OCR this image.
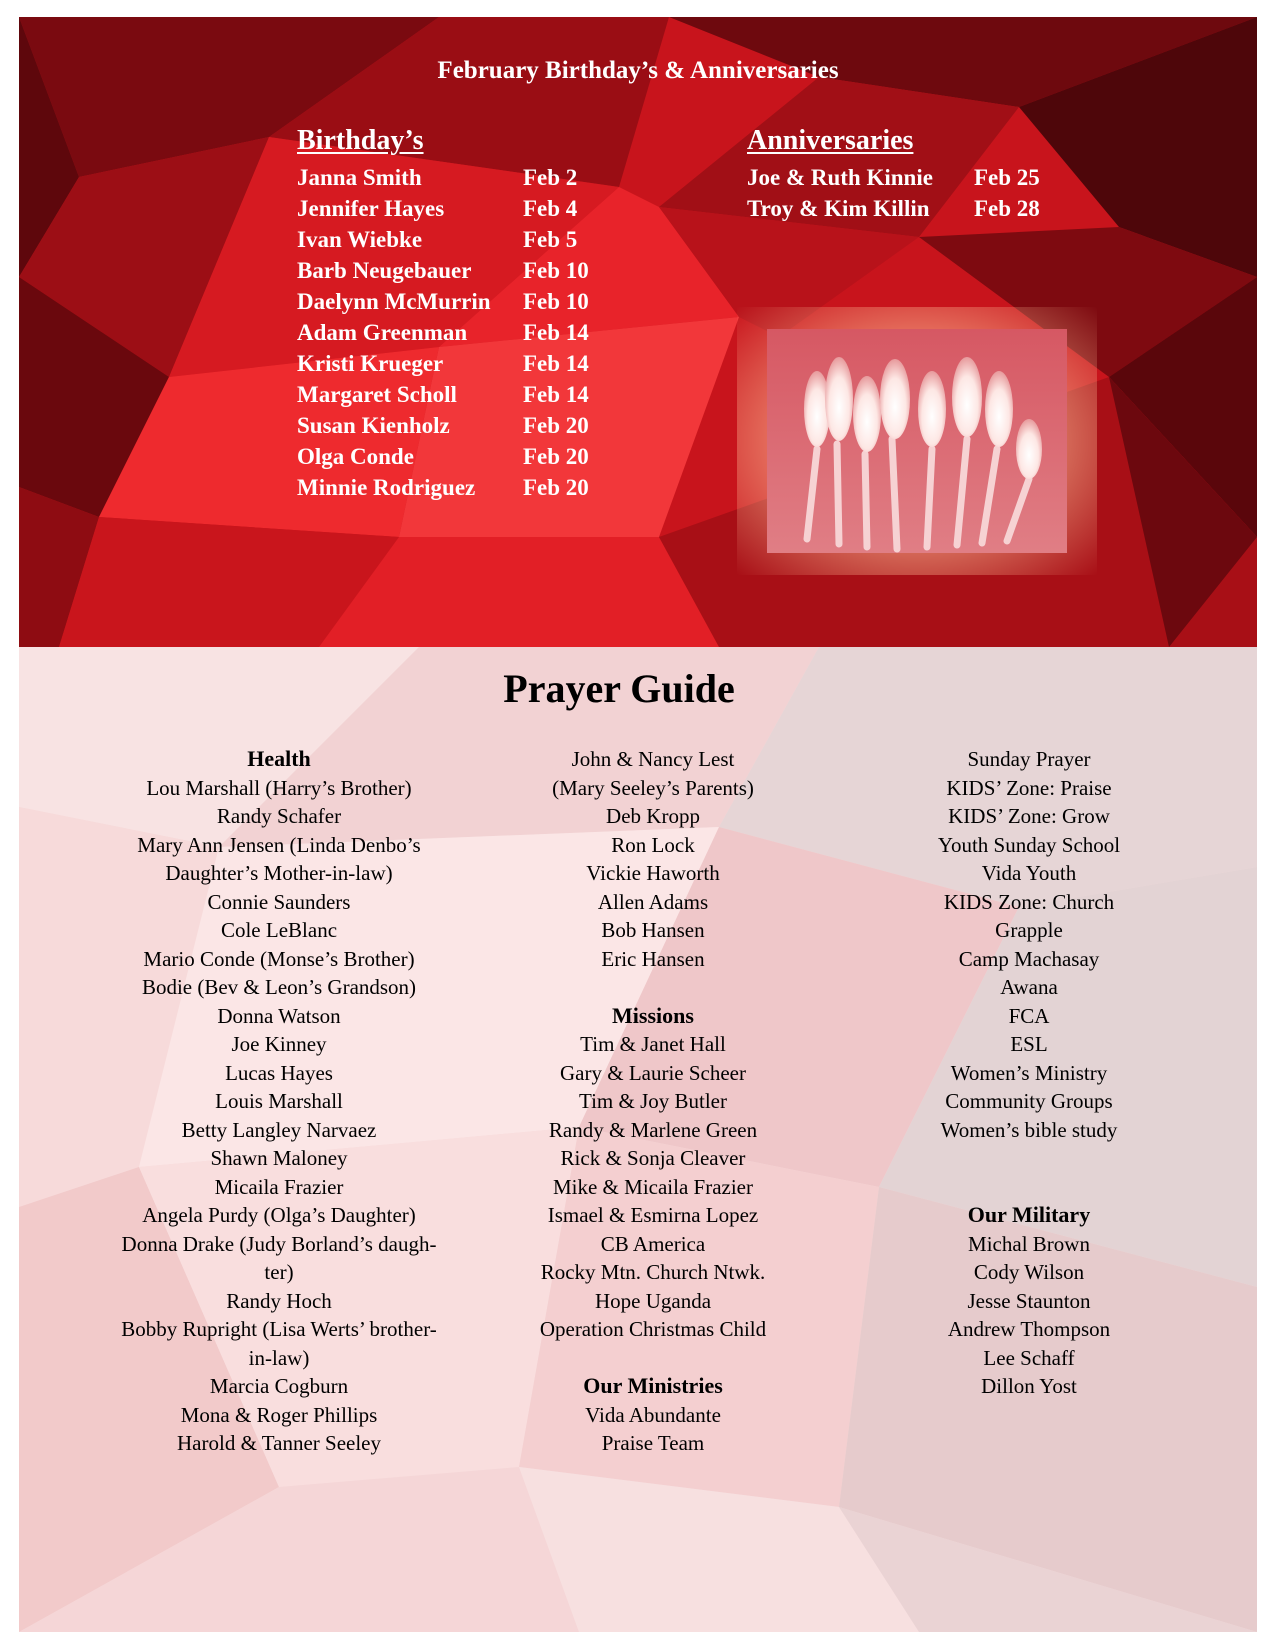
February Birthday’s & Anniversaries
Birthday’s	Anniversaries
Janna Smith	Feb 2
Jennifer Hayes	Feb 4
Ivan Wiebke	Feb 5
Barb Neugebauer Feb 10
Daelynn McMurrin Feb 10
Adam Greenman Feb 14
Kristi Krueger	Feb 14
Margaret Scholl	Feb 14
Susan Kienholz	Feb 20
Olga Conde	Feb 20
Minnie Rodriguez Feb 20
Joe & Ruth Kinnie Feb 25
Troy & Kim Killin Feb 28
Prayer Guide
Health
Lou Marshall (Harry’s Brother)
Randy Schafer
Mary Ann Jensen (Linda Denbo’s
Daughter’s Mother-in-law)
Connie Saunders
Cole LeBlanc
Mario Conde (Monse’s Brother)
Bodie (Bev & Leon’s Grandson)
Donna Watson
Joe Kinney
Lucas Hayes
Louis Marshall
Betty Langley Narvaez
Shawn Maloney
Micaila Frazier
Angela Purdy (Olga’s Daughter)
Donna Drake (Judy Borland’s daugh-
ter)
Randy Hoch
Bobby Rupright (Lisa Werts’ brother-
in-law)
Marcia Cogburn
Mona & Roger Phillips
Harold & Tanner Seeley
John & Nancy Lest
(Mary Seeley’s Parents)
Deb Kropp
Ron Lock
Vickie Haworth
Allen Adams
Bob Hansen
Eric Hansen
Missions
Tim & Janet Hall
Gary & Laurie Scheer
Tim & Joy Butler
Randy & Marlene Green
Rick & Sonja Cleaver
Mike & Micaila Frazier
Ismael & Esmirna Lopez
CB America
Rocky Mtn. Church Ntwk.
Hope Uganda
Operation Christmas Child
Our Ministries
Vida Abundante
Praise Team
Sunday Prayer
KIDS’ Zone: Praise
KIDS’ Zone: Grow
Youth Sunday School
Vida Youth
KIDS Zone: Church
Grapple
Camp Machasay
Awana
FCA
ESL
Women’s Ministry
Community Groups
Women’s bible study
Our Military
Michal Brown
Cody Wilson
Jesse Staunton
Andrew Thompson
Lee Schaff
Dillon Yost
